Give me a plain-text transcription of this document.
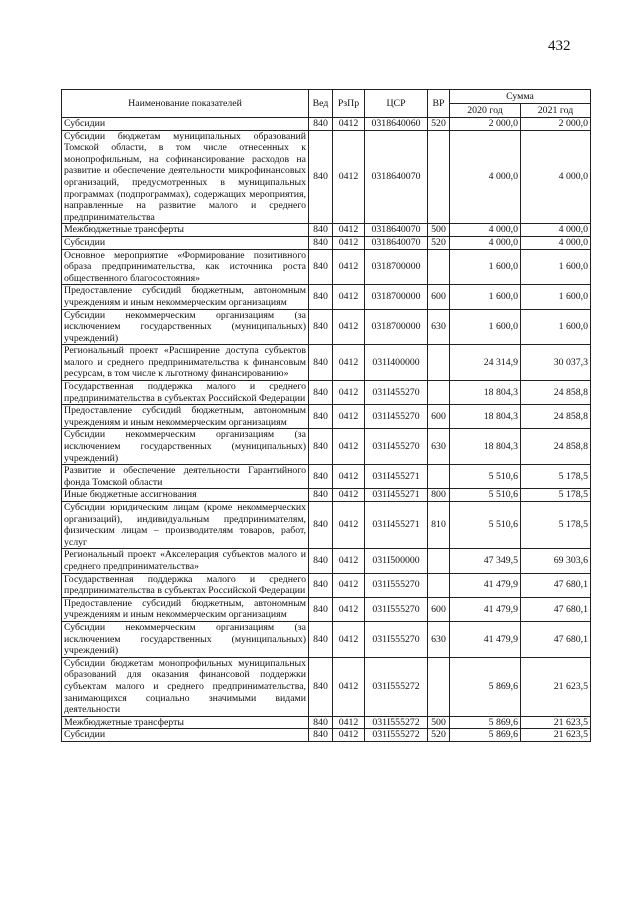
432
Наименование показателей	Вед	РзПр	ЦСР	ВР	Сумма	
					2020 год	2021 год
Субсидии	840	0412	0318640060	520	2 000,0	2 000,0
Субсидии бюджетам муниципальных образований Томской области, в том числе отнесенных к монопрофильным, на софинансирование расходов на развитие и обеспечение деятельности микрофинансовых организаций, предусмотренных в муниципальных программах (подпрограммах), содержащих мероприятия, направленные на развитие малого и среднего предпринимательства	840	0412	0318640070		4 000,0	4 000,0
Межбюджетные трансферты	840	0412	0318640070	500	4 000,0	4 000,0
Субсидии	840	0412	0318640070	520	4 000,0	4 000,0
Основное мероприятие «Формирование позитивного образа предпринимательства, как источника роста общественного благосостояния»	840	0412	0318700000		1 600,0	1 600,0
Предоставление субсидий бюджетным, автономным учреждениям и иным некоммерческим организациям	840	0412	0318700000	600	1 600,0	1 600,0
Субсидии некоммерческим организациям (за исключением государственных (муниципальных) учреждений)	840	0412	0318700000	630	1 600,0	1 600,0
Региональный проект «Расширение доступа субъектов малого и среднего предпринимательства к финансовым ресурсам, в том числе к льготному финансированию»	840	0412	031I400000		24 314,9	30 037,3
Государственная поддержка малого и среднего предпринимательства в субъектах Российской Федерации	840	0412	031I455270		18 804,3	24 858,8
Предоставление субсидий бюджетным, автономным учреждениям и иным некоммерческим организациям	840	0412	031I455270	600	18 804,3	24 858,8
Субсидии некоммерческим организациям (за исключением государственных (муниципальных) учреждений)	840	0412	031I455270	630	18 804,3	24 858,8
Развитие и обеспечение деятельности Гарантийного фонда Томской области	840	0412	031I455271		5 510,6	5 178,5
Иные бюджетные ассигнования	840	0412	031I455271	800	5 510,6	5 178,5
Субсидии юридическим лицам (кроме некоммерческих организаций), индивидуальным предпринимателям, физическим лицам – производителям товаров, работ, услуг	840	0412	031I455271	810	5 510,6	5 178,5
Региональный проект «Акселерация субъектов малого и среднего предпринимательства»	840	0412	031I500000		47 349,5	69 303,6
Государственная поддержка малого и среднего предпринимательства в субъектах Российской Федерации	840	0412	031I555270		41 479,9	47 680,1
Предоставление субсидий бюджетным, автономным учреждениям и иным некоммерческим организациям	840	0412	031I555270	600	41 479,9	47 680,1
Субсидии некоммерческим организациям (за исключением государственных (муниципальных) учреждений)	840	0412	031I555270	630	41 479,9	47 680,1
Субсидии бюджетам монопрофильных муниципальных образований для оказания финансовой поддержки субъектам малого и среднего предпринимательства, занимающихся социально значимыми видами деятельности	840	0412	031I555272		5 869,6	21 623,5
Межбюджетные трансферты	840	0412	031I555272	500	5 869,6	21 623,5
Субсидии	840	0412	031I555272	520	5 869,6	21 623,5
